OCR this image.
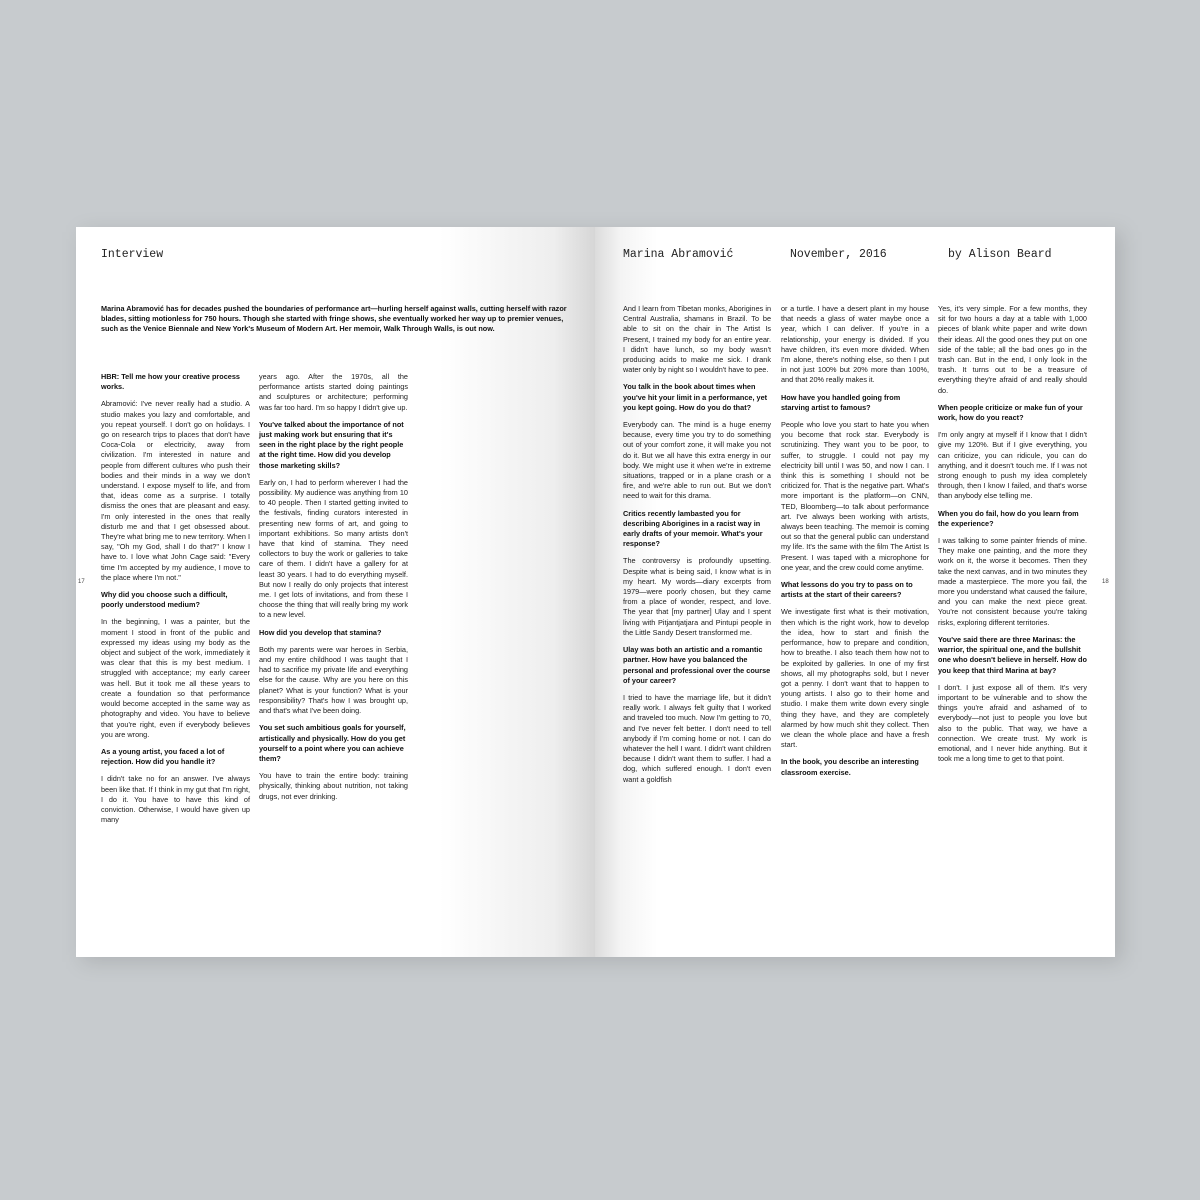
Interview
17

Marina Abramović has for decades pushed the boundaries of performance art—hurling herself against walls, cutting herself with razor blades, sitting motionless for 750 hours. Though she started with fringe shows, she eventually worked her way up to premier venues, such as the Venice Biennale and New York's Museum of Modern Art. Her memoir, Walk Through Walls, is out now.

HBR: Tell me how your creative process works.

Abramović: I've never really had a studio. A studio makes you lazy and comfortable, and you repeat yourself. I don't go on holidays. I go on research trips to places that don't have Coca-Cola or electricity, away from civilization. I'm interested in nature and people from different cultures who push their bodies and their minds in a way we don't understand. I expose myself to life, and from that, ideas come as a surprise. I totally dismiss the ones that are pleasant and easy. I'm only interested in the ones that really disturb me and that I get obsessed about. They're what bring me to new territory. When I say, "Oh my God, shall I do that?" I know I have to. I love what John Cage said: "Every time I'm accepted by my audience, I move to the place where I'm not."

Why did you choose such a difficult, poorly understood medium?

In the beginning, I was a painter, but the moment I stood in front of the public and expressed my ideas using my body as the object and subject of the work, immediately it was clear that this is my best medium. I struggled with acceptance; my early career was hell. But it took me all these years to create a foundation so that performance would become accepted in the same way as photography and video. You have to believe that you're right, even if everybody believes you are wrong.

As a young artist, you faced a lot of rejection. How did you handle it?

I didn't take no for an answer. I've always been like that. If I think in my gut that I'm right, I do it. You have to have this kind of conviction. Otherwise, I would have given up many

years ago. After the 1970s, all the performance artists started doing paintings and sculptures or architecture; performing was far too hard. I'm so happy I didn't give up.

You've talked about the importance of not just making work but ensuring that it's seen in the right place by the right people at the right time. How did you develop those marketing skills?

Early on, I had to perform wherever I had the possibility. My audience was anything from 10 to 40 people. Then I started getting invited to the festivals, finding curators interested in presenting new forms of art, and going to important exhibitions. So many artists don't have that kind of stamina. They need collectors to buy the work or galleries to take care of them. I didn't have a gallery for at least 30 years. I had to do everything myself. But now I really do only projects that interest me. I get lots of invitations, and from these I choose the thing that will really bring my work to a new level.

How did you develop that stamina?

Both my parents were war heroes in Serbia, and my entire childhood I was taught that I had to sacrifice my private life and everything else for the cause. Why are you here on this planet? What is your function? What is your responsibility? That's how I was brought up, and that's what I've been doing.

You set such ambitious goals for yourself, artistically and physically. How do you get yourself to a point where you can achieve them?

You have to train the entire body: training physically, thinking about nutrition, not taking drugs, not ever drinking.

Marina Abramović	November, 2016	by Alison Beard
18

And I learn from Tibetan monks, Aborigines in Central Australia, shamans in Brazil. To be able to sit on the chair in The Artist Is Present, I trained my body for an entire year. I didn't have lunch, so my body wasn't producing acids to make me sick. I drank water only by night so I wouldn't have to pee.

You talk in the book about times when you've hit your limit in a performance, yet you kept going. How do you do that?

Everybody can. The mind is a huge enemy because, every time you try to do something out of your comfort zone, it will make you not do it. But we all have this extra energy in our body. We might use it when we're in extreme situations, trapped or in a plane crash or a fire, and we're able to run out. But we don't need to wait for this drama.

Critics recently lambasted you for describing Aborigines in a racist way in early drafts of your memoir. What's your response?

The controversy is profoundly upsetting. Despite what is being said, I know what is in my heart. My words—diary excerpts from 1979—were poorly chosen, but they came from a place of wonder, respect, and love. The year that [my partner] Ulay and I spent living with Pitjantjatjara and Pintupi people in the Little Sandy Desert transformed me.

Ulay was both an artistic and a romantic partner. How have you balanced the personal and professional over the course of your career?

I tried to have the marriage life, but it didn't really work. I always felt guilty that I worked and traveled too much. Now I'm getting to 70, and I've never felt better. I don't need to tell anybody if I'm coming home or not. I can do whatever the hell I want. I didn't want children because I didn't want them to suffer. I had a dog, which suffered enough. I don't even want a goldfish

or a turtle. I have a desert plant in my house that needs a glass of water maybe once a year, which I can deliver. If you're in a relationship, your energy is divided. If you have children, it's even more divided. When I'm alone, there's nothing else, so then I put in not just 100% but 20% more than 100%, and that 20% really makes it.

How have you handled going from starving artist to famous?

People who love you start to hate you when you become that rock star. Everybody is scrutinizing. They want you to be poor, to suffer, to struggle. I could not pay my electricity bill until I was 50, and now I can. I think this is something I should not be criticized for. That is the negative part. What's more important is the platform—on CNN, TED, Bloomberg—to talk about performance art. I've always been working with artists, always been teaching. The memoir is coming out so that the general public can understand my life. It's the same with the film The Artist Is Present. I was taped with a microphone for one year, and the crew could come anytime.

What lessons do you try to pass on to artists at the start of their careers?

We investigate first what is their motivation, then which is the right work, how to develop the idea, how to start and finish the performance, how to prepare and condition, how to breathe. I also teach them how not to be exploited by galleries. In one of my first shows, all my photographs sold, but I never got a penny. I don't want that to happen to young artists. I also go to their home and studio. I make them write down every single thing they have, and they are completely alarmed by how much shit they collect. Then we clean the whole place and have a fresh start.

In the book, you describe an interesting classroom exercise.

Yes, it's very simple. For a few months, they sit for two hours a day at a table with 1,000 pieces of blank white paper and write down their ideas. All the good ones they put on one side of the table; all the bad ones go in the trash can. But in the end, I only look in the trash. It turns out to be a treasure of everything they're afraid of and really should do.

When people criticize or make fun of your work, how do you react?

I'm only angry at myself if I know that I didn't give my 120%. But if I give everything, you can criticize, you can ridicule, you can do anything, and it doesn't touch me. If I was not strong enough to push my idea completely through, then I know I failed, and that's worse than anybody else telling me.

When you do fail, how do you learn from the experience?

I was talking to some painter friends of mine. They make one painting, and the more they work on it, the worse it becomes. Then they take the next canvas, and in two minutes they made a masterpiece. The more you fail, the more you understand what caused the failure, and you can make the next piece great. You're not consistent because you're taking risks, exploring different territories.

You've said there are three Marinas: the warrior, the spiritual one, and the bullshit one who doesn't believe in herself. How do you keep that third Marina at bay?

I don't. I just expose all of them. It's very important to be vulnerable and to show the things you're afraid and ashamed of to everybody—not just to people you love but also to the public. That way, we have a connection. We create trust. My work is emotional, and I never hide anything. But it took me a long time to get to that point.
